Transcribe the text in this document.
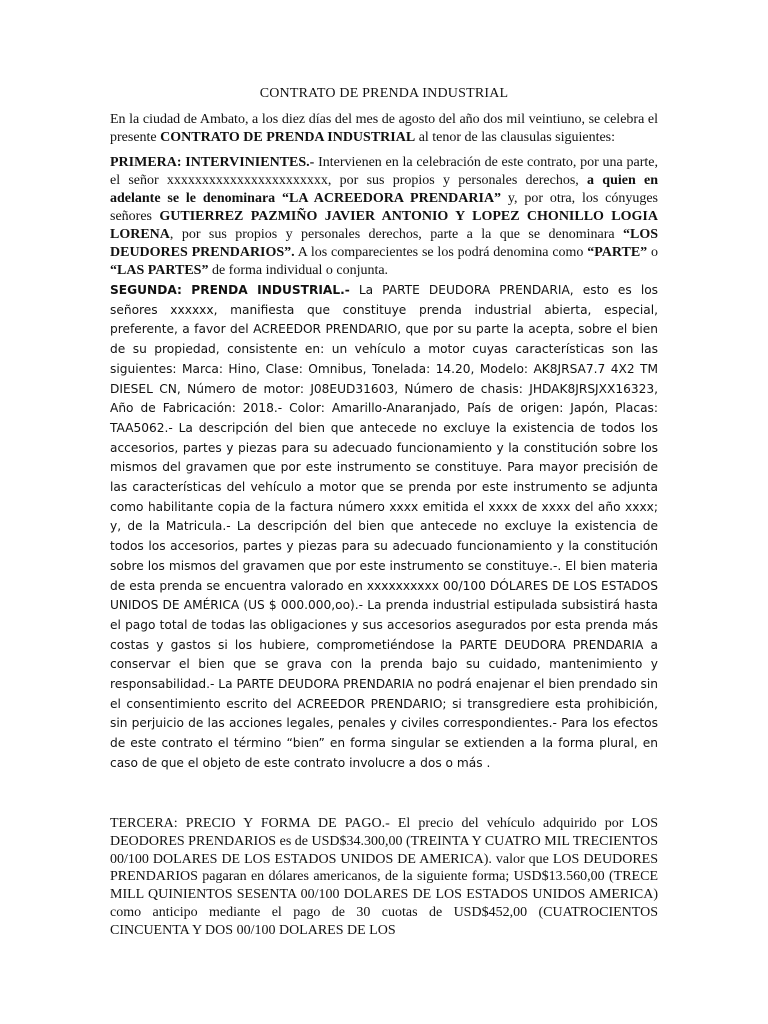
CONTRATO DE PRENDA INDUSTRIAL

En la ciudad de Ambato, a los diez días del mes de agosto del año dos mil veintiuno, se celebra el presente CONTRATO DE PRENDA INDUSTRIAL al tenor de las clausulas siguientes:

PRIMERA: INTERVINIENTES.- Intervienen en la celebración de este contrato, por una parte, el señor xxxxxxxxxxxxxxxxxxxxxxx, por sus propios y personales derechos, a quien en adelante se le denominara “LA ACREEDORA PRENDARIA” y, por otra, los cónyuges señores GUTIERREZ PAZMIÑO JAVIER ANTONIO Y LOPEZ CHONILLO LOGIA LORENA, por sus propios y personales derechos, parte a la que se denominara “LOS DEUDORES PRENDARIOS”. A los comparecientes se los podrá denomina como “PARTE” o “LAS PARTES” de forma individual o conjunta.

SEGUNDA: PRENDA INDUSTRIAL.- La PARTE DEUDORA PRENDARIA, esto es los señores xxxxxx, manifiesta que constituye prenda industrial abierta, especial, preferente, a favor del ACREEDOR PRENDARIO, que por su parte la acepta, sobre el bien de su propiedad, consistente en: un vehículo a motor cuyas características son las siguientes: Marca: Hino, Clase: Omnibus, Tonelada: 14.20, Modelo: AK8JRSA7.7 4X2 TM DIESEL CN, Número de motor: J08EUD31603, Número de chasis: JHDAK8JRSJXX16323, Año de Fabricación: 2018.- Color: Amarillo-Anaranjado, País de origen: Japón, Placas: TAA5062.- La descripción del bien que antecede no excluye la existencia de todos los accesorios, partes y piezas para su adecuado funcionamiento y la constitución sobre los mismos del gravamen que por este instrumento se constituye. Para mayor precisión de las características del vehículo a motor que se prenda por este instrumento se adjunta como habilitante copia de la factura número xxxx emitida el xxxx de xxxx del año xxxx; y, de la Matricula.- La descripción del bien que antecede no excluye la existencia de todos los accesorios, partes y piezas para su adecuado funcionamiento y la constitución sobre los mismos del gravamen que por este instrumento se constituye.-. El bien materia de esta prenda se encuentra valorado en xxxxxxxxxx 00/100 DÓLARES DE LOS ESTADOS UNIDOS DE AMÉRICA (US $ 000.000,oo).- La prenda industrial estipulada subsistirá hasta el pago total de todas las obligaciones y sus accesorios asegurados por esta prenda más costas y gastos si los hubiere, comprometiéndose la PARTE DEUDORA PRENDARIA a conservar el bien que se grava con la prenda bajo su cuidado, mantenimiento y responsabilidad.- La PARTE DEUDORA PRENDARIA no podrá enajenar el bien prendado sin el consentimiento escrito del ACREEDOR PRENDARIO; si transgrediere esta prohibición, sin perjuicio de las acciones legales, penales y civiles correspondientes.- Para los efectos de este contrato el término “bien” en forma singular se extienden a la forma plural, en caso de que el objeto de este contrato involucre a dos o más .

TERCERA: PRECIO Y FORMA DE PAGO.- El precio del vehículo adquirido por LOS DEODORES PRENDARIOS es de USD$34.300,00 (TREINTA Y CUATRO MIL TRECIENTOS 00/100 DOLARES DE LOS ESTADOS UNIDOS DE AMERICA). valor que LOS DEUDORES PRENDARIOS pagaran en dólares americanos, de la siguiente forma; USD$13.560,00 (TRECE MILL QUINIENTOS SESENTA 00/100 DOLARES DE LOS ESTADOS UNIDOS AMERICA) como anticipo mediante el pago de 30 cuotas de USD$452,00 (CUATROCIENTOS CINCUENTA Y DOS 00/100 DOLARES DE LOS
